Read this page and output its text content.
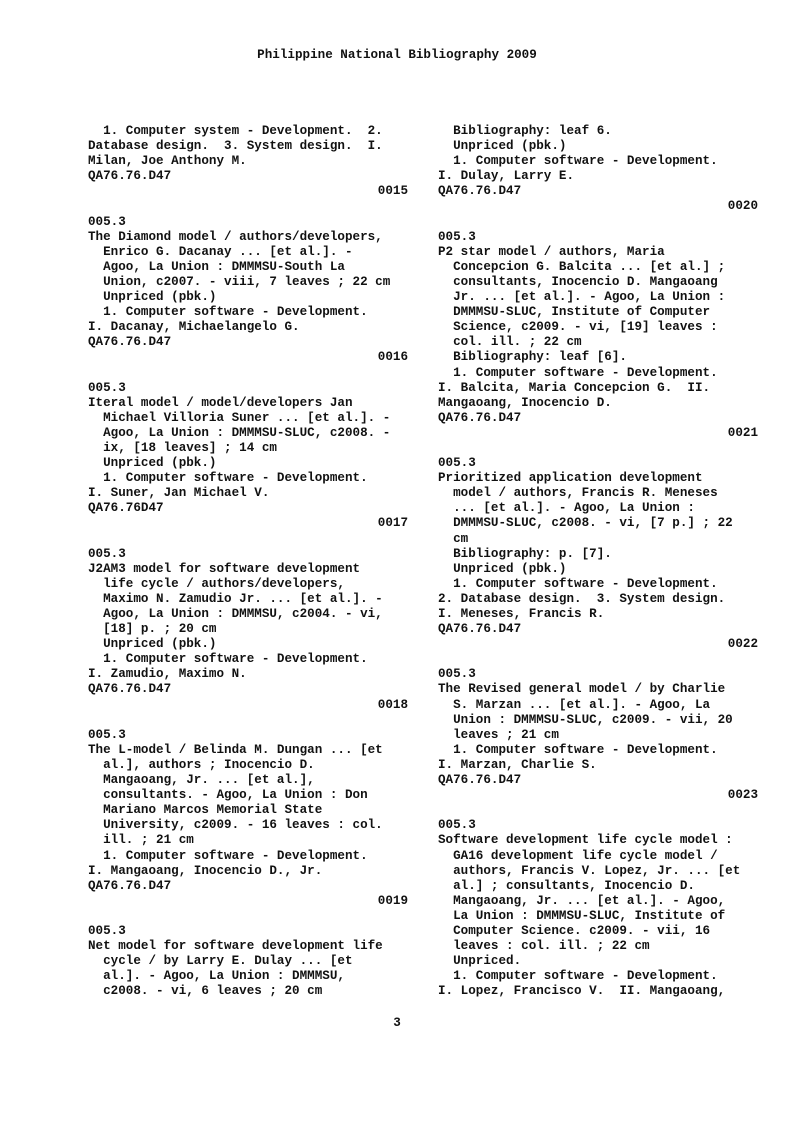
Philippine National Bibliography 2009
1. Computer system - Development.  2.
Database design.  3. System design.  I.
Milan, Joe Anthony M.
QA76.76.D47
0015
005.3
The Diamond model / authors/developers,
Enrico G. Dacanay ... [et al.]. -
Agoo, La Union : DMMMSU-South La
Union, c2007. - viii, 7 leaves ; 22 cm
Unpriced (pbk.)
1. Computer software - Development.
I. Dacanay, Michaelangelo G.
QA76.76.D47
0016
005.3
Iteral model / model/developers Jan
Michael Villoria Suner ... [et al.]. -
Agoo, La Union : DMMMSU-SLUC, c2008. -
ix, [18 leaves] ; 14 cm
Unpriced (pbk.)
1. Computer software - Development.
I. Suner, Jan Michael V.
QA76.76D47
0017
005.3
J2AM3 model for software development
life cycle / authors/developers,
Maximo N. Zamudio Jr. ... [et al.]. -
Agoo, La Union : DMMMSU, c2004. - vi,
[18] p. ; 20 cm
Unpriced (pbk.)
1. Computer software - Development.
I. Zamudio, Maximo N.
QA76.76.D47
0018
005.3
The L-model / Belinda M. Dungan ... [et
al.], authors ; Inocencio D.
Mangaoang, Jr. ... [et al.],
consultants. - Agoo, La Union : Don
Mariano Marcos Memorial State
University, c2009. - 16 leaves : col.
ill. ; 21 cm
1. Computer software - Development.
I. Mangaoang, Inocencio D., Jr.
QA76.76.D47
0019
005.3
Net model for software development life
cycle / by Larry E. Dulay ... [et
al.]. - Agoo, La Union : DMMMSU,
c2008. - vi, 6 leaves ; 20 cm
Bibliography: leaf 6.
Unpriced (pbk.)
1. Computer software - Development.
I. Dulay, Larry E.
QA76.76.D47
0020
005.3
P2 star model / authors, Maria
Concepcion G. Balcita ... [et al.] ;
consultants, Inocencio D. Mangaoang
Jr. ... [et al.]. - Agoo, La Union :
DMMMSU-SLUC, Institute of Computer
Science, c2009. - vi, [19] leaves :
col. ill. ; 22 cm
Bibliography: leaf [6].
1. Computer software - Development.
I. Balcita, Maria Concepcion G.  II.
Mangaoang, Inocencio D.
QA76.76.D47
0021
005.3
Prioritized application development
model / authors, Francis R. Meneses
... [et al.]. - Agoo, La Union :
DMMMSU-SLUC, c2008. - vi, [7 p.] ; 22
cm
Bibliography: p. [7].
Unpriced (pbk.)
1. Computer software - Development.
2. Database design.  3. System design.
I. Meneses, Francis R.
QA76.76.D47
0022
005.3
The Revised general model / by Charlie
S. Marzan ... [et al.]. - Agoo, La
Union : DMMMSU-SLUC, c2009. - vii, 20
leaves ; 21 cm
1. Computer software - Development.
I. Marzan, Charlie S.
QA76.76.D47
0023
005.3
Software development life cycle model :
GA16 development life cycle model /
authors, Francis V. Lopez, Jr. ... [et
al.] ; consultants, Inocencio D.
Mangaoang, Jr. ... [et al.]. - Agoo,
La Union : DMMMSU-SLUC, Institute of
Computer Science. c2009. - vii, 16
leaves : col. ill. ; 22 cm
Unpriced.
1. Computer software - Development.
I. Lopez, Francisco V.  II. Mangaoang,
3
